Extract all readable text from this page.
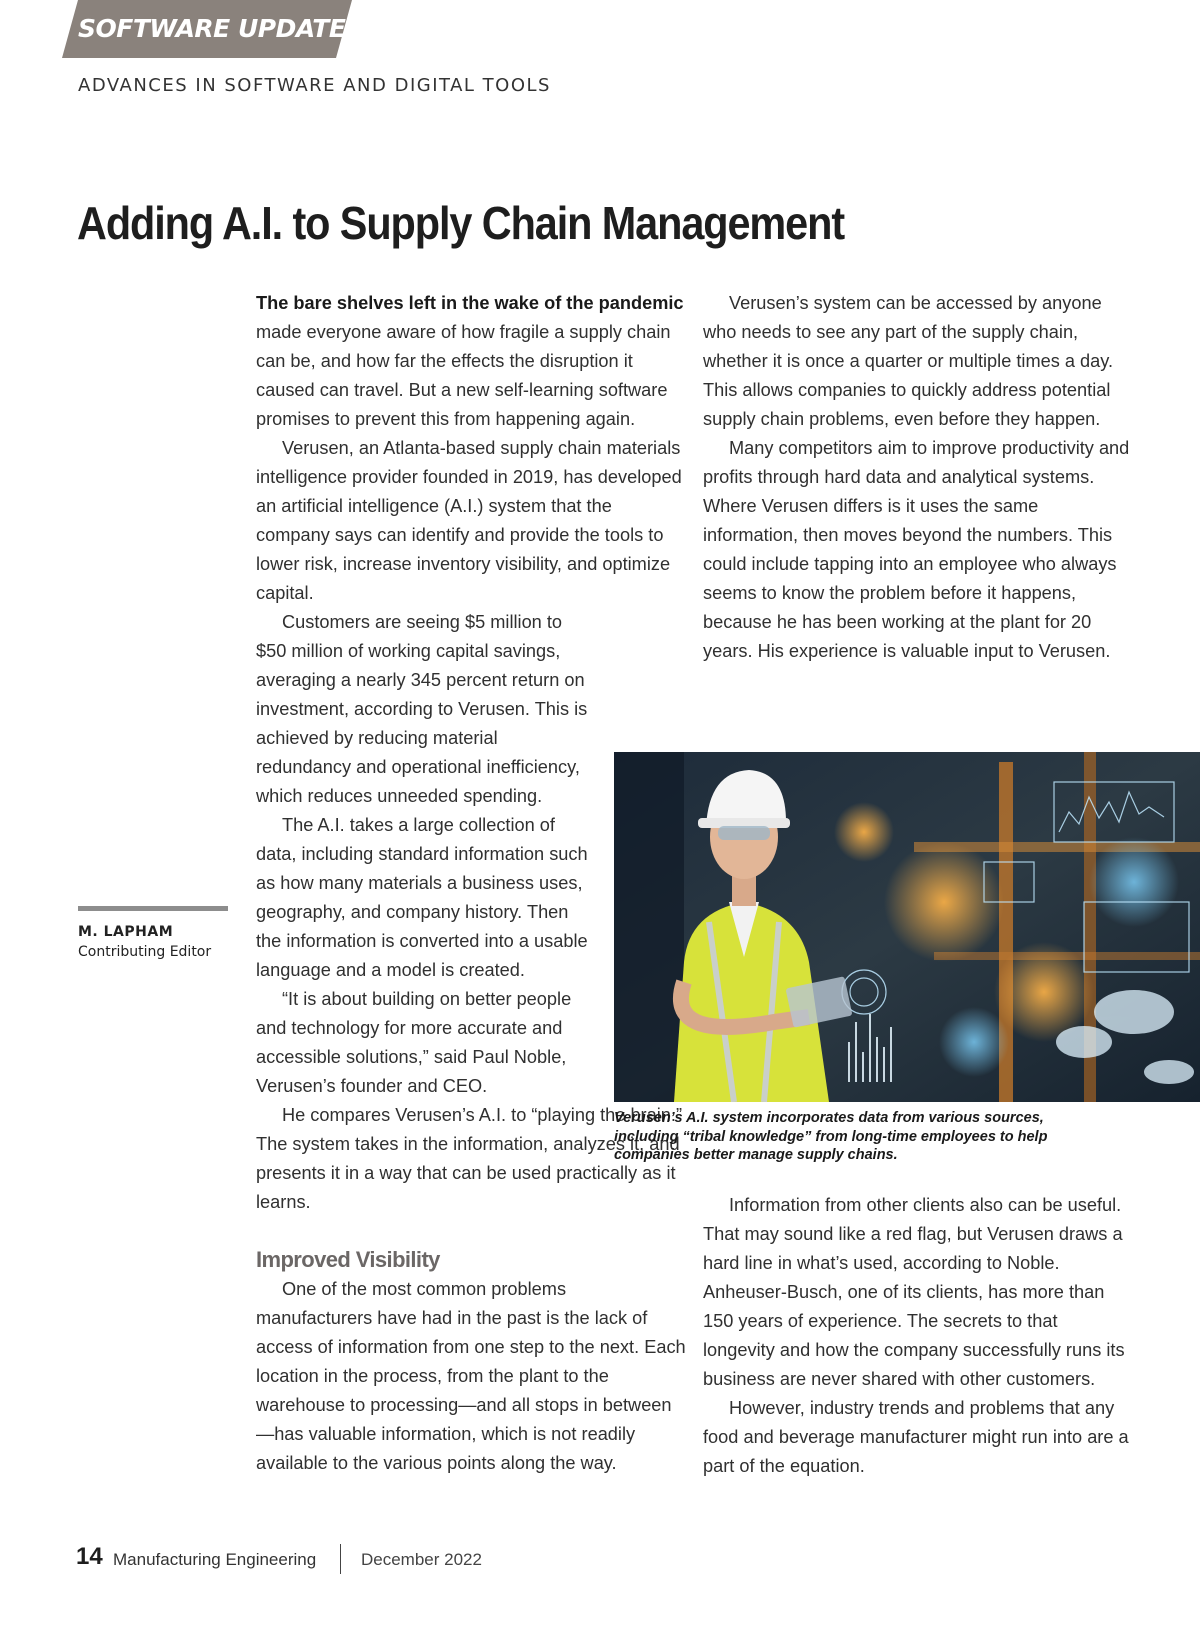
SOFTWARE UPDATE
ADVANCES IN SOFTWARE AND DIGITAL TOOLS
Adding A.I. to Supply Chain Management
M. LAPHAM
Contributing Editor

The bare shelves left in the wake of the pandemic made everyone aware of how fragile a supply chain can be, and how far the effects the disruption it caused can travel. But a new self-learning software promises to prevent this from happening again.

Verusen, an Atlanta-based supply chain materials intelligence provider founded in 2019, has developed an artificial intelligence (A.I.) system that the company says can identify and provide the tools to lower risk, increase inventory visibility, and optimize capital.

Customers are seeing $5 million to $50 million of working capital savings, averaging a nearly 345 percent return on investment, according to Verusen. This is achieved by reducing material redundancy and operational inefficiency, which reduces unneeded spending.

The A.I. takes a large collection of data, including standard information such as how many materials a business uses, geography, and company history. Then the information is converted into a usable language and a model is created.

“It is about building on better people and technology for more accurate and accessible solutions,” said Paul Noble, Verusen’s founder and CEO.

He compares Verusen’s A.I. to “playing the brain.” The system takes in the information, analyzes it, and presents it in a way that can be used practically as it learns.

Improved Visibility

One of the most common problems manufacturers have had in the past is the lack of access of information from one step to the next. Each location in the process, from the plant to the warehouse to processing—and all stops in between—has valuable information, which is not readily available to the various points along the way.

Verusen’s system can be accessed by anyone who needs to see any part of the supply chain, whether it is once a quarter or multiple times a day. This allows companies to quickly address potential supply chain problems, even before they happen.

Many competitors aim to improve productivity and profits through hard data and analytical systems. Where Verusen differs is it uses the same information, then moves beyond the numbers. This could include tapping into an employee who always seems to know the problem before it happens, because he has been working at the plant for 20 years. His experience is valuable input to Verusen.

Verusen’s A.I. system incorporates data from various sources, including “tribal knowledge” from long-time employees to help companies better manage supply chains.

Information from other clients also can be useful. That may sound like a red flag, but Verusen draws a hard line in what’s used, according to Noble. Anheuser-Busch, one of its clients, has more than 150 years of experience. The secrets to that longevity and how the company successfully runs its business are never shared with other customers.

However, industry trends and problems that any food and beverage manufacturer might run into are a part of the equation.

14 Manufacturing Engineering	December 2022
